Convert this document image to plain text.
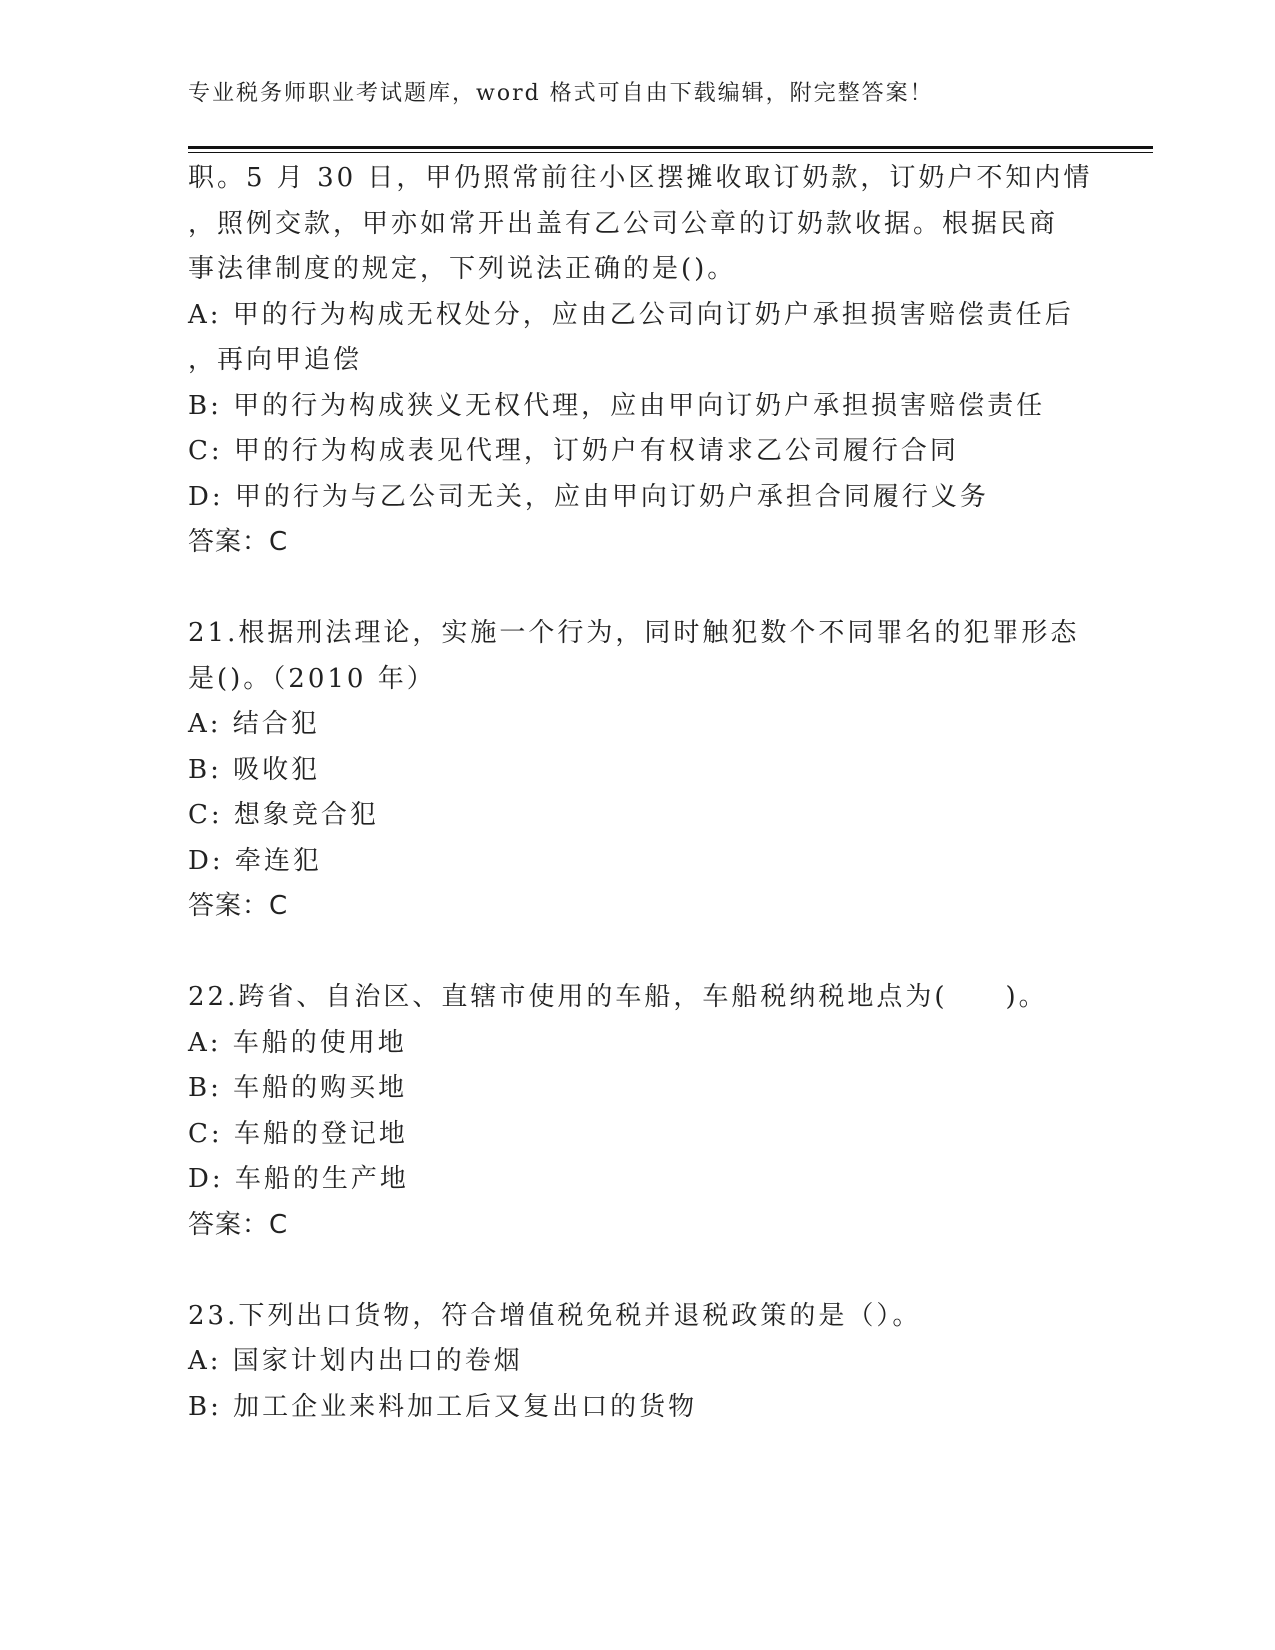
专业税务师职业考试题库，word 格式可自由下载编辑，附完整答案！
职。5 月 30 日，甲仍照常前往小区摆摊收取订奶款，订奶户不知内情
，照例交款，甲亦如常开出盖有乙公司公章的订奶款收据。根据民商
事法律制度的规定，下列说法正确的是()。
A: 甲的行为构成无权处分，应由乙公司向订奶户承担损害赔偿责任后
，再向甲追偿
B: 甲的行为构成狭义无权代理，应由甲向订奶户承担损害赔偿责任
C: 甲的行为构成表见代理，订奶户有权请求乙公司履行合同
D: 甲的行为与乙公司无关，应由甲向订奶户承担合同履行义务
答案：C
21.根据刑法理论，实施一个行为，同时触犯数个不同罪名的犯罪形态
是()。（2010 年）
A: 结合犯
B: 吸收犯
C: 想象竞合犯
D: 牵连犯
答案：C
22.跨省、自治区、直辖市使用的车船，车船税纳税地点为(　　)。
A: 车船的使用地
B: 车船的购买地
C: 车船的登记地
D: 车船的生产地
答案：C
23.下列出口货物，符合增值税免税并退税政策的是（）。
A: 国家计划内出口的卷烟
B: 加工企业来料加工后又复出口的货物
